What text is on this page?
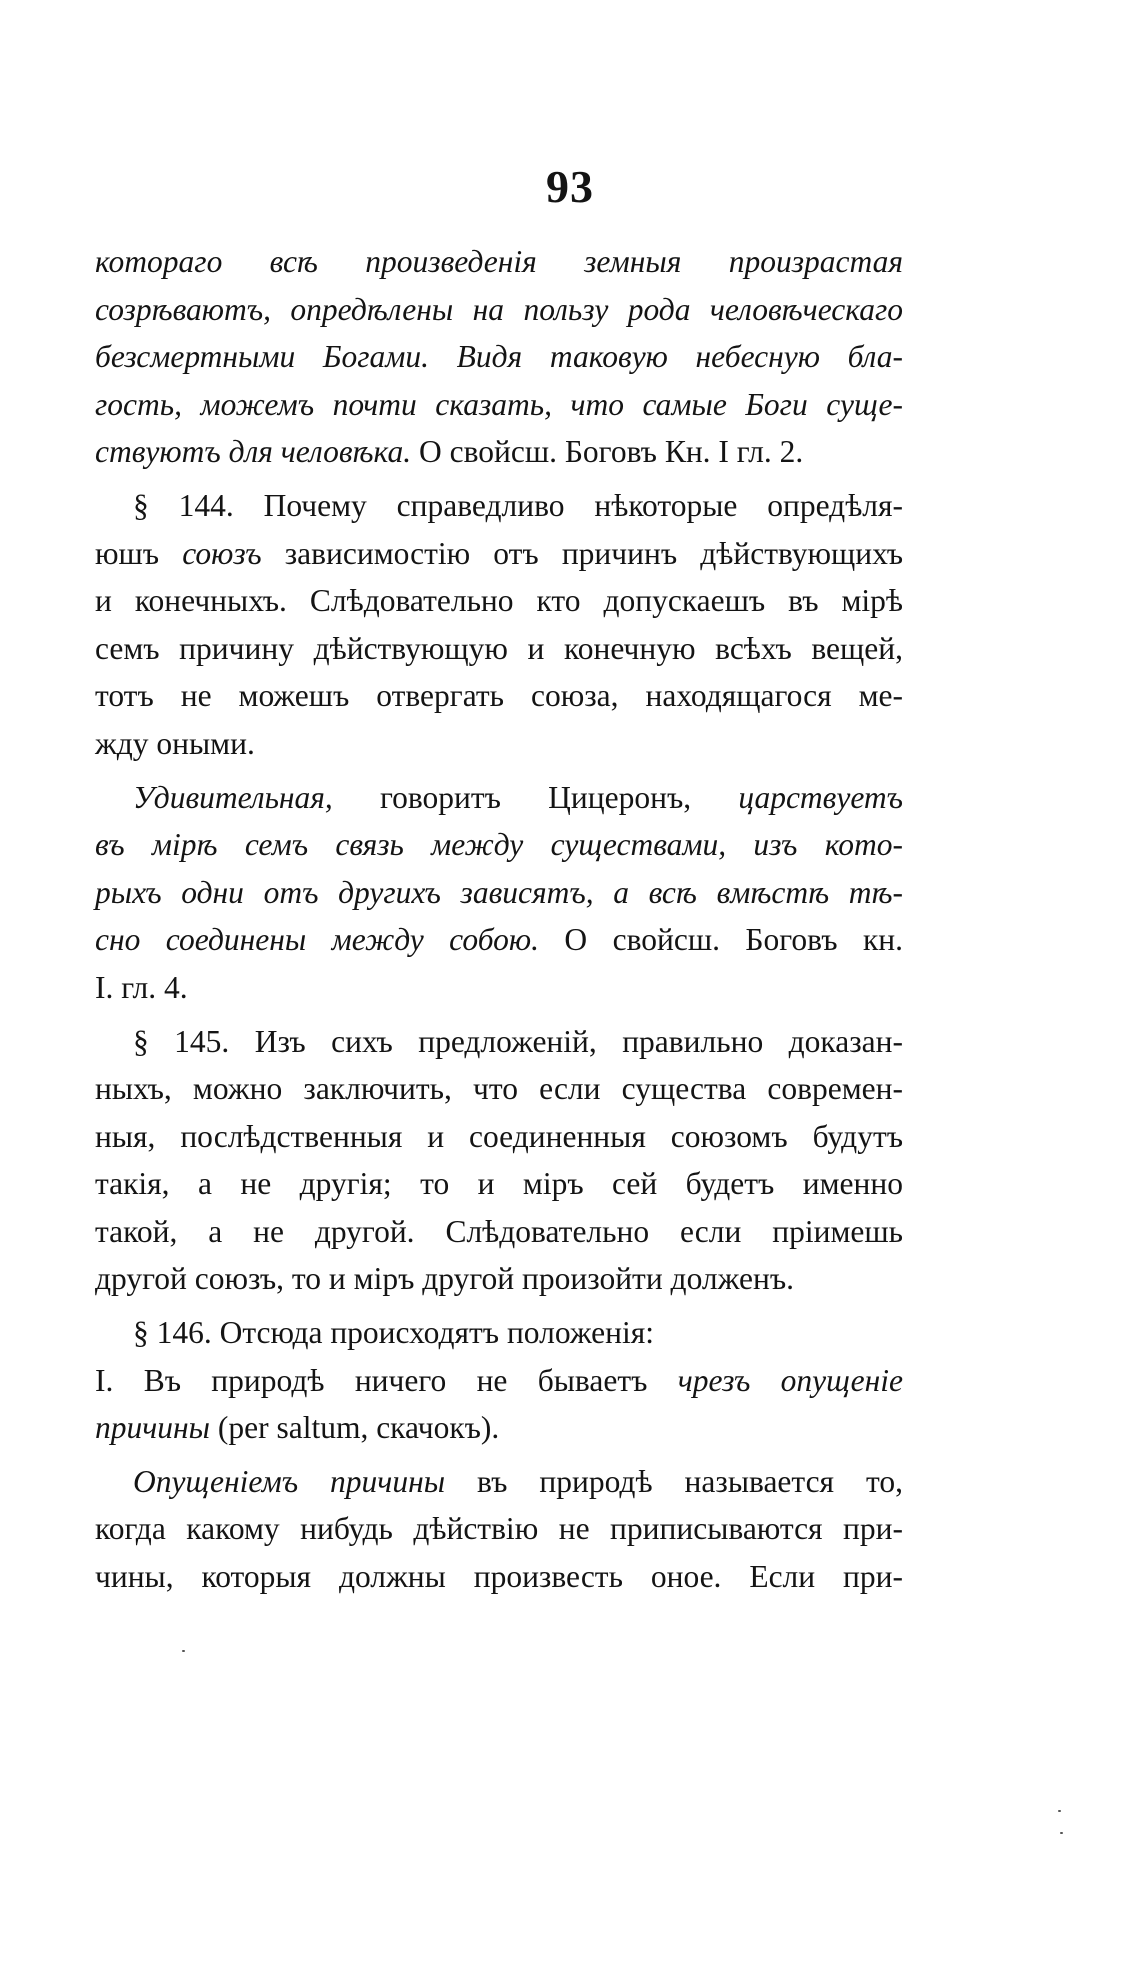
93
котораго всѣ произведенія земныя произрастая
созрѣваютъ, опредѣлены на пользу рода человѣческаго
безсмертными Богами. Видя таковую небесную бла-
гость, можемъ почти сказать, что самые Боги суще-
ствуютъ для человѣка. О свойсш. Боговъ Кн. I гл. 2.
§ 144. Почему справедливо нѣкоторые опредѣля-
юшъ союзъ зависимостію отъ причинъ дѣйствующихъ
и конечныхъ. Слѣдовательно кто допускаешъ въ мірѣ
семъ причину дѣйствующую и конечную всѣхъ вещей,
тотъ не можешъ отвергать союза, находящагося ме-
жду оными.
Удивительная, говоритъ Цицеронъ, царствуетъ
въ мірѣ семъ связь между существами, изъ кото-
рыхъ одни отъ другихъ зависятъ, а всѣ вмѣстѣ тѣ-
сно соединены между собою. О свойсш. Боговъ кн.
I. гл. 4.
§ 145. Изъ сихъ предложеній, правильно доказан-
ныхъ, можно заключить, что если существа современ-
ныя, послѣдственныя и соединенныя союзомъ будутъ
такія, а не другія; то и міръ сей будетъ именно
такой, а не другой. Слѣдовательно если пріимешь
другой союзъ, то и міръ другой произойти долженъ.
§ 146. Отсюда происходятъ положенія:
I. Въ природѣ ничего не бываетъ чрезъ опущеніе
причины (per saltum, скачокъ).
Опущеніемъ причины въ природѣ называется то,
когда какому нибудь дѣйствію не приписываются при-
чины, которыя должны произвесть оное. Если при-
